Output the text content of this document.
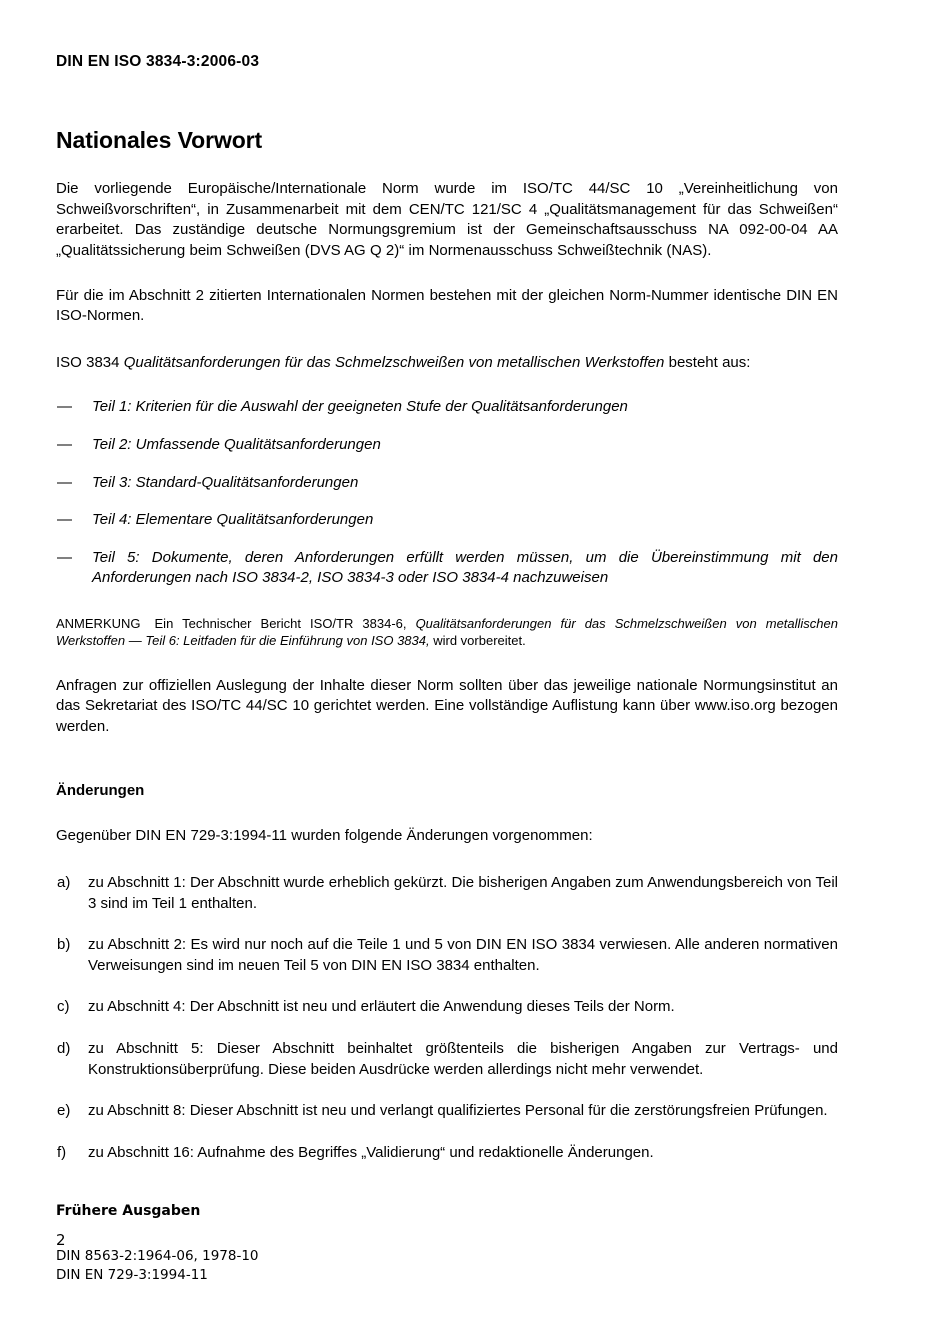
DIN EN ISO 3834-3:2006-03
Nationales Vorwort

Die vorliegende Europäische/Internationale Norm wurde im ISO/TC 44/SC 10 „Vereinheitlichung von Schweißvorschriften“, in Zusammenarbeit mit dem CEN/TC 121/SC 4 „Qualitätsmanagement für das Schweißen“ erarbeitet. Das zuständige deutsche Normungsgremium ist der Gemeinschaftsausschuss NA 092-00-04 AA „Qualitätssicherung beim Schweißen (DVS AG Q 2)“ im Normenausschuss Schweißtechnik (NAS).

Für die im Abschnitt 2 zitierten Internationalen Normen bestehen mit der gleichen Norm-Nummer identische DIN EN ISO-Normen.

ISO 3834 Qualitätsanforderungen für das Schmelzschweißen von metallischen Werkstoffen besteht aus:

— Teil 1: Kriterien für die Auswahl der geeigneten Stufe der Qualitätsanforderungen
— Teil 2: Umfassende Qualitätsanforderungen
— Teil 3: Standard-Qualitätsanforderungen
— Teil 4: Elementare Qualitätsanforderungen
— Teil 5: Dokumente, deren Anforderungen erfüllt werden müssen, um die Übereinstimmung mit den Anforderungen nach ISO 3834-2, ISO 3834-3 oder ISO 3834-4 nachzuweisen

ANMERKUNG Ein Technischer Bericht ISO/TR 3834-6, Qualitätsanforderungen für das Schmelzschweißen von metallischen Werkstoffen — Teil 6: Leitfaden für die Einführung von ISO 3834, wird vorbereitet.

Anfragen zur offiziellen Auslegung der Inhalte dieser Norm sollten über das jeweilige nationale Normungsinstitut an das Sekretariat des ISO/TC 44/SC 10 gerichtet werden. Eine vollständige Auflistung kann über www.iso.org bezogen werden.

Änderungen

Gegenüber DIN EN 729-3:1994-11 wurden folgende Änderungen vorgenommen:

a) zu Abschnitt 1: Der Abschnitt wurde erheblich gekürzt. Die bisherigen Angaben zum Anwendungsbereich von Teil 3 sind im Teil 1 enthalten.
b) zu Abschnitt 2: Es wird nur noch auf die Teile 1 und 5 von DIN EN ISO 3834 verwiesen. Alle anderen normativen Verweisungen sind im neuen Teil 5 von DIN EN ISO 3834 enthalten.
c) zu Abschnitt 4: Der Abschnitt ist neu und erläutert die Anwendung dieses Teils der Norm.
d) zu Abschnitt 5: Dieser Abschnitt beinhaltet größtenteils die bisherigen Angaben zur Vertrags- und Konstruktionsüberprüfung. Diese beiden Ausdrücke werden allerdings nicht mehr verwendet.
e) zu Abschnitt 8: Dieser Abschnitt ist neu und verlangt qualifiziertes Personal für die zerstörungsfreien Prüfungen.
f) zu Abschnitt 16: Aufnahme des Begriffes „Validierung“ und redaktionelle Änderungen.
Frühere Ausgaben

DIN 8563-2:1964-06, 1978-10

DIN EN 729-3:1994-11

2
